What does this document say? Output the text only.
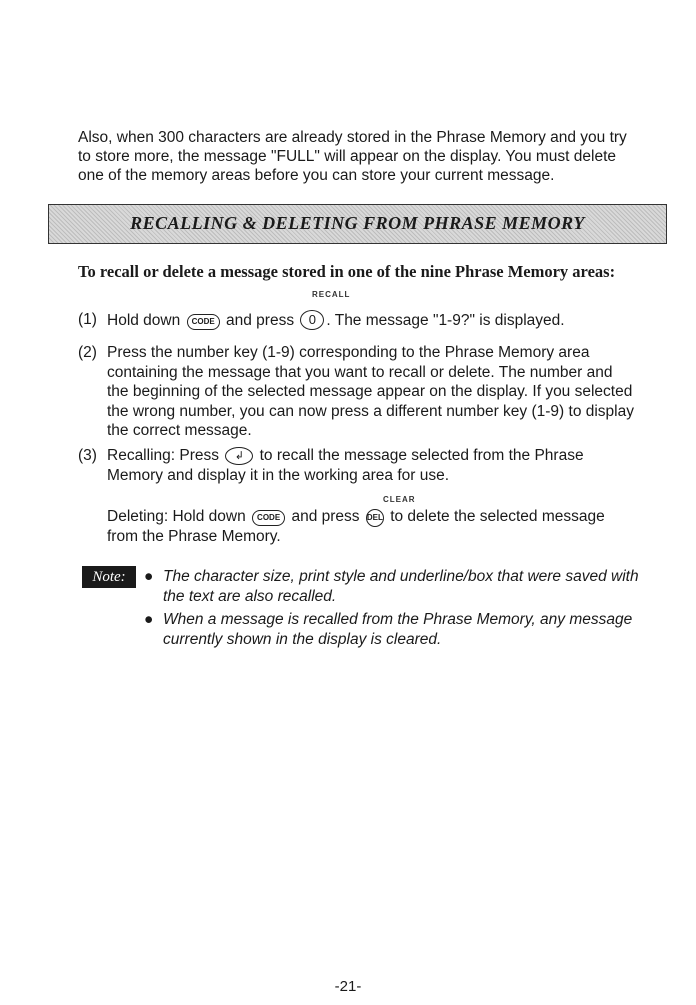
Also, when 300 characters are already stored in the Phrase Memory and you try to store more, the message "FULL" will appear on the display. You must delete one of the memory areas before you can store your current message.
RECALLING & DELETING FROM PHRASE MEMORY
To recall or delete a message stored in one of the nine Phrase Memory areas:
RECALL
(1) Hold down CODE and press 0 . The message "1-9?" is displayed.
(2) Press the number key (1-9) corresponding to the Phrase Memory area containing the message that you want to recall or delete. The number and the beginning of the selected message appear on the display. If you selected the wrong number, you can now press a different number key (1-9) to display the correct message.
(3) Recalling: Press ↲ to recall the message selected from the Phrase Memory and display it in the working area for use.
CLEAR
Deleting: Hold down CODE and press DEL to delete the selected message from the Phrase Memory.
Note:	● The character size, print style and underline/box that were saved with the text are also recalled.
● When a message is recalled from the Phrase Memory, any message currently shown in the display is cleared.
-21-
